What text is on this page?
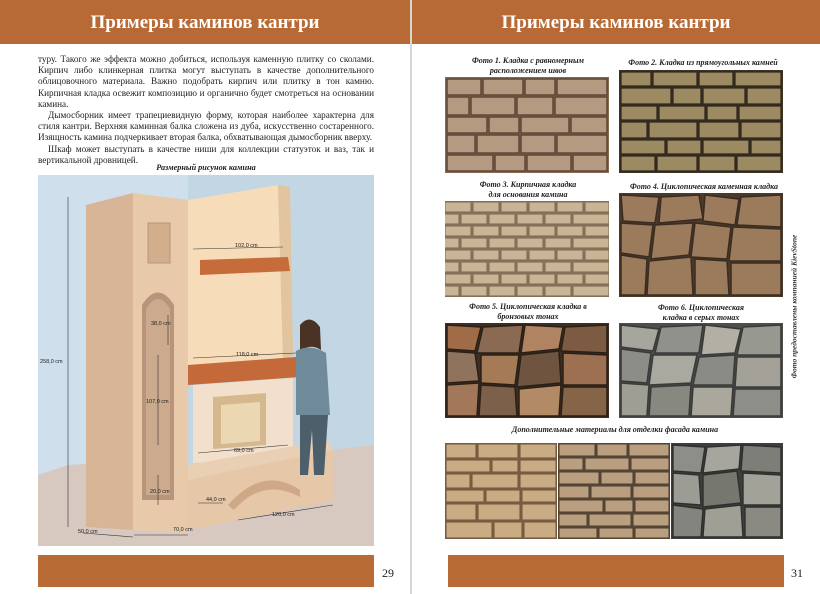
Примеры каминов кантри

туру. Такого же эффекта можно добиться, используя каменную плитку со сколами. Кирпич либо клинкерная плитка могут выступать в качестве дополнительного облицовочного материала. Важно подобрать кирпич или плитку в тон камню. Кирпичная кладка освежит композицию и органично будет смотреться на основании камина.

Дымосборник имеет трапециевидную форму, которая наиболее характерна для стиля кантри. Верхняя каминная балка сложена из дуба, искусственно состаренного. Изящность камина подчеркивает вторая балка, обхватывающая дымосборник вверху.

Шкаф может выступать в качестве ниши для коллекции статуэток и ваз, так и вертикальной дровницей.

Размерный рисунок камина
102,0 cm
258,0 cm
38,0 cm
118,0 cm
107,0 cm
69,0 cm
20,0 cm
44,0 cm
120,0 cm
70,0 cm
50,0 cm
29
Примеры каминов кантри
Фото 1. Кладка с равномерным
расположением швов
Фото 2. Кладка из прямоугольных камней
Фото 3. Кирпичная кладка
для основания камина
Фото 4. Циклопическая каменная кладка
Фото 5. Циклопическая кладка в
бронзовых тонах
Фото 6. Циклопическая
кладка в серых тонах	Фото предоставлены компанией KievStone
Дополнительные материалы для отделки фасада камина
31
